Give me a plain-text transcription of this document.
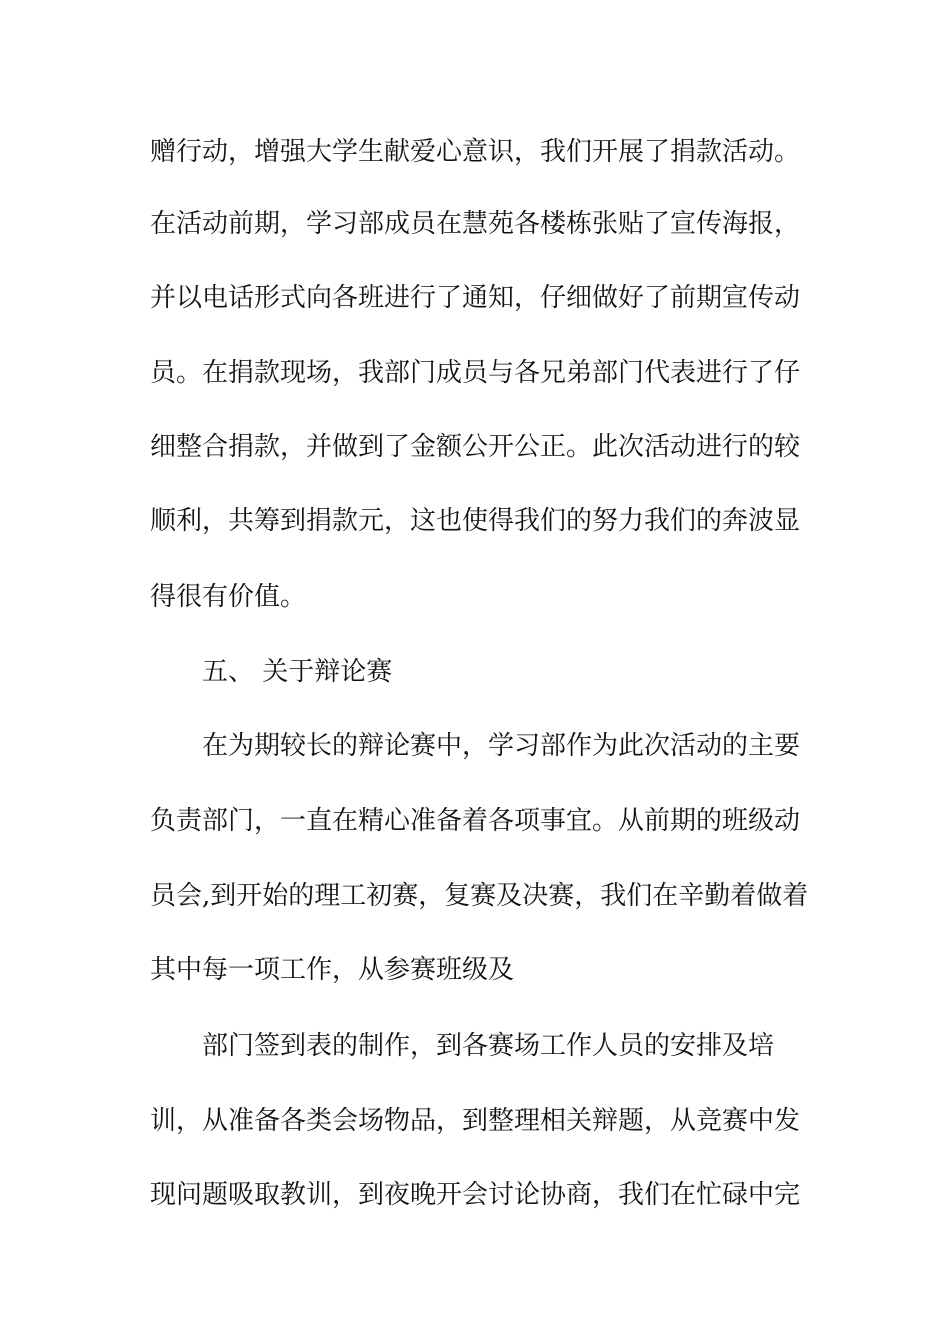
赠行动，增强大学生献爱心意识，我们开展了捐款活动。
在活动前期，学习部成员在慧苑各楼栋张贴了宣传海报，
并以电话形式向各班进行了通知，仔细做好了前期宣传动
员。在捐款现场，我部门成员与各兄弟部门代表进行了仔
细整合捐款，并做到了金额公开公正。此次活动进行的较
顺利，共筹到捐款元，这也使得我们的努力我们的奔波显
得很有价值。
五、 关于辩论赛
在为期较长的辩论赛中，学习部作为此次活动的主要
负责部门，一直在精心准备着各项事宜。从前期的班级动
员会,到开始的理工初赛，复赛及决赛，我们在辛勤着做着
其中每一项工作，从参赛班级及
部门签到表的制作，到各赛场工作人员的安排及培
训，从准备各类会场物品，到整理相关辩题，从竞赛中发
现问题吸取教训，到夜晚开会讨论协商，我们在忙碌中完
